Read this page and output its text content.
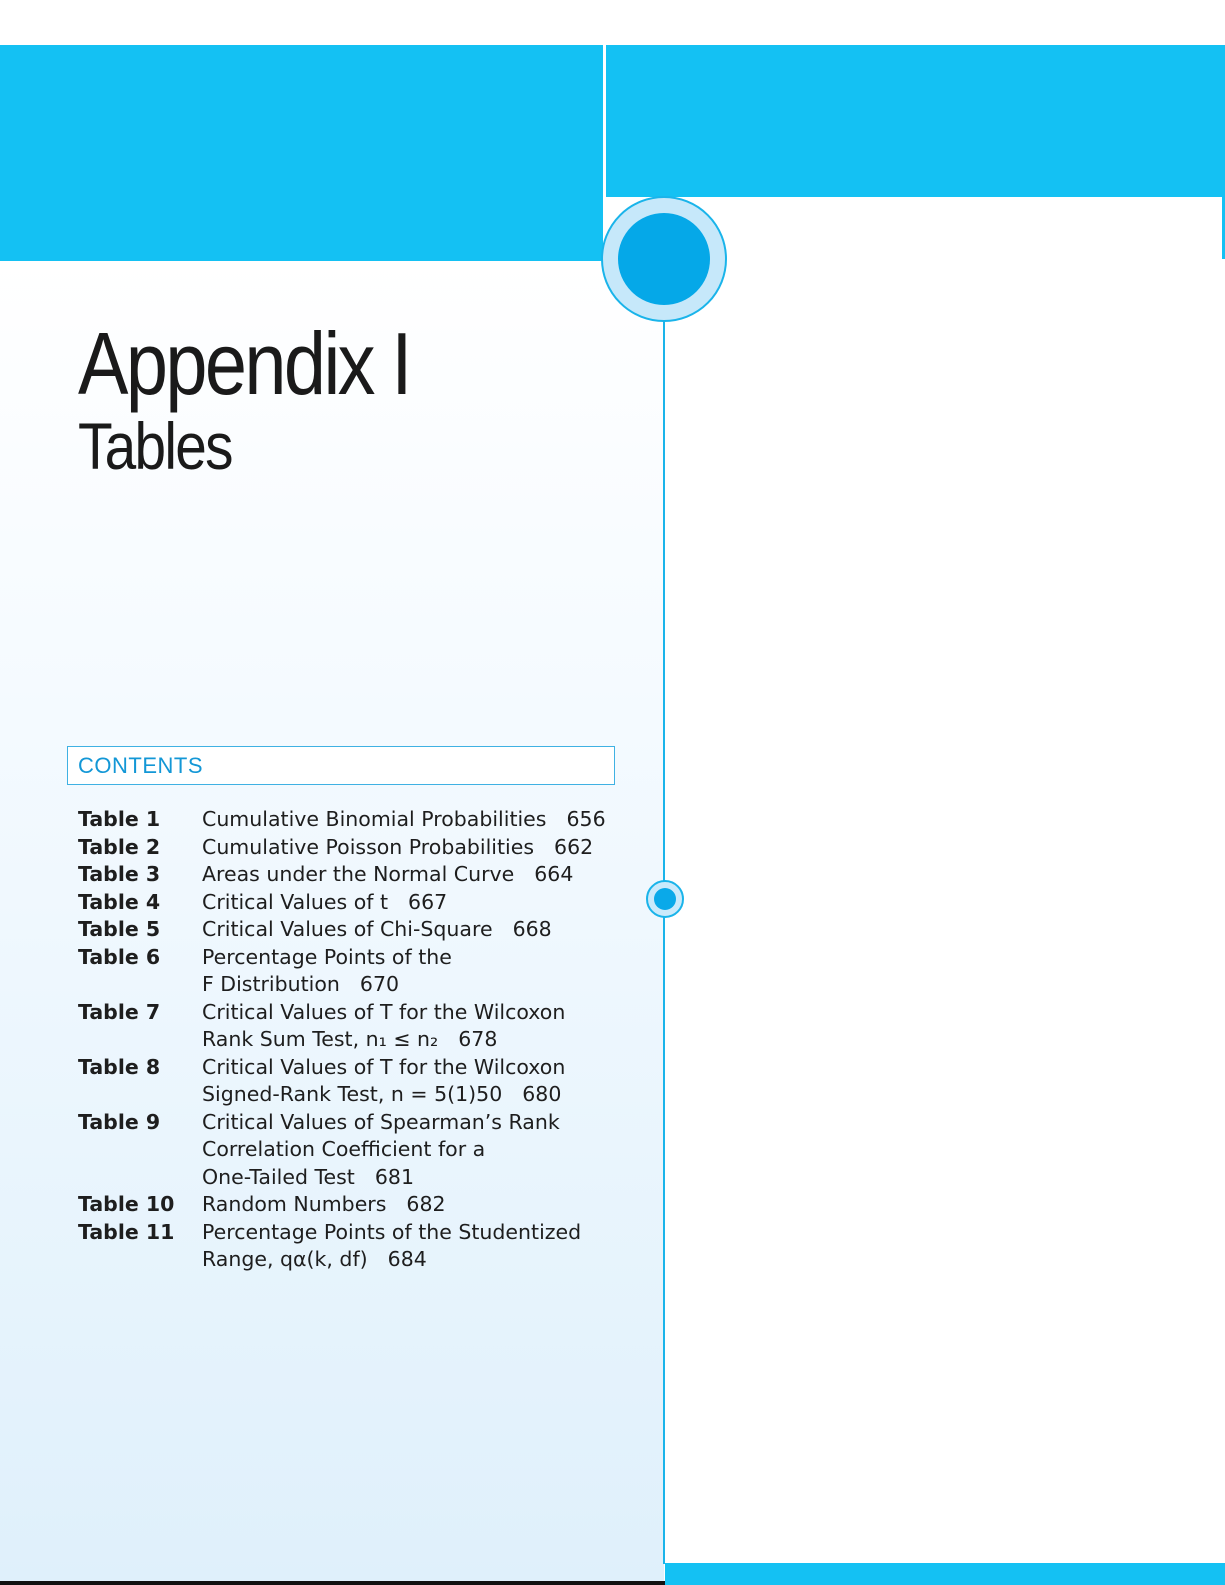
Appendix I
Tables
CONTENTS
Table 1	Cumulative Binomial Probabilities 656
Table 2	Cumulative Poisson Probabilities 662
Table 3	Areas under the Normal Curve 664
Table 4	Critical Values of t 667
Table 5	Critical Values of Chi-Square 668
Table 6	Percentage Points of the
F Distribution 670
Table 7	Critical Values of T for the Wilcoxon
Rank Sum Test, n₁ ≤ n₂ 678
Table 8	Critical Values of T for the Wilcoxon
Signed-Rank Test, n = 5(1)50 680
Table 9	Critical Values of Spearman’s Rank
Correlation Coefficient for a
One-Tailed Test 681
Table 10	Random Numbers 682
Table 11	Percentage Points of the Studentized
Range, qα(k, df) 684
